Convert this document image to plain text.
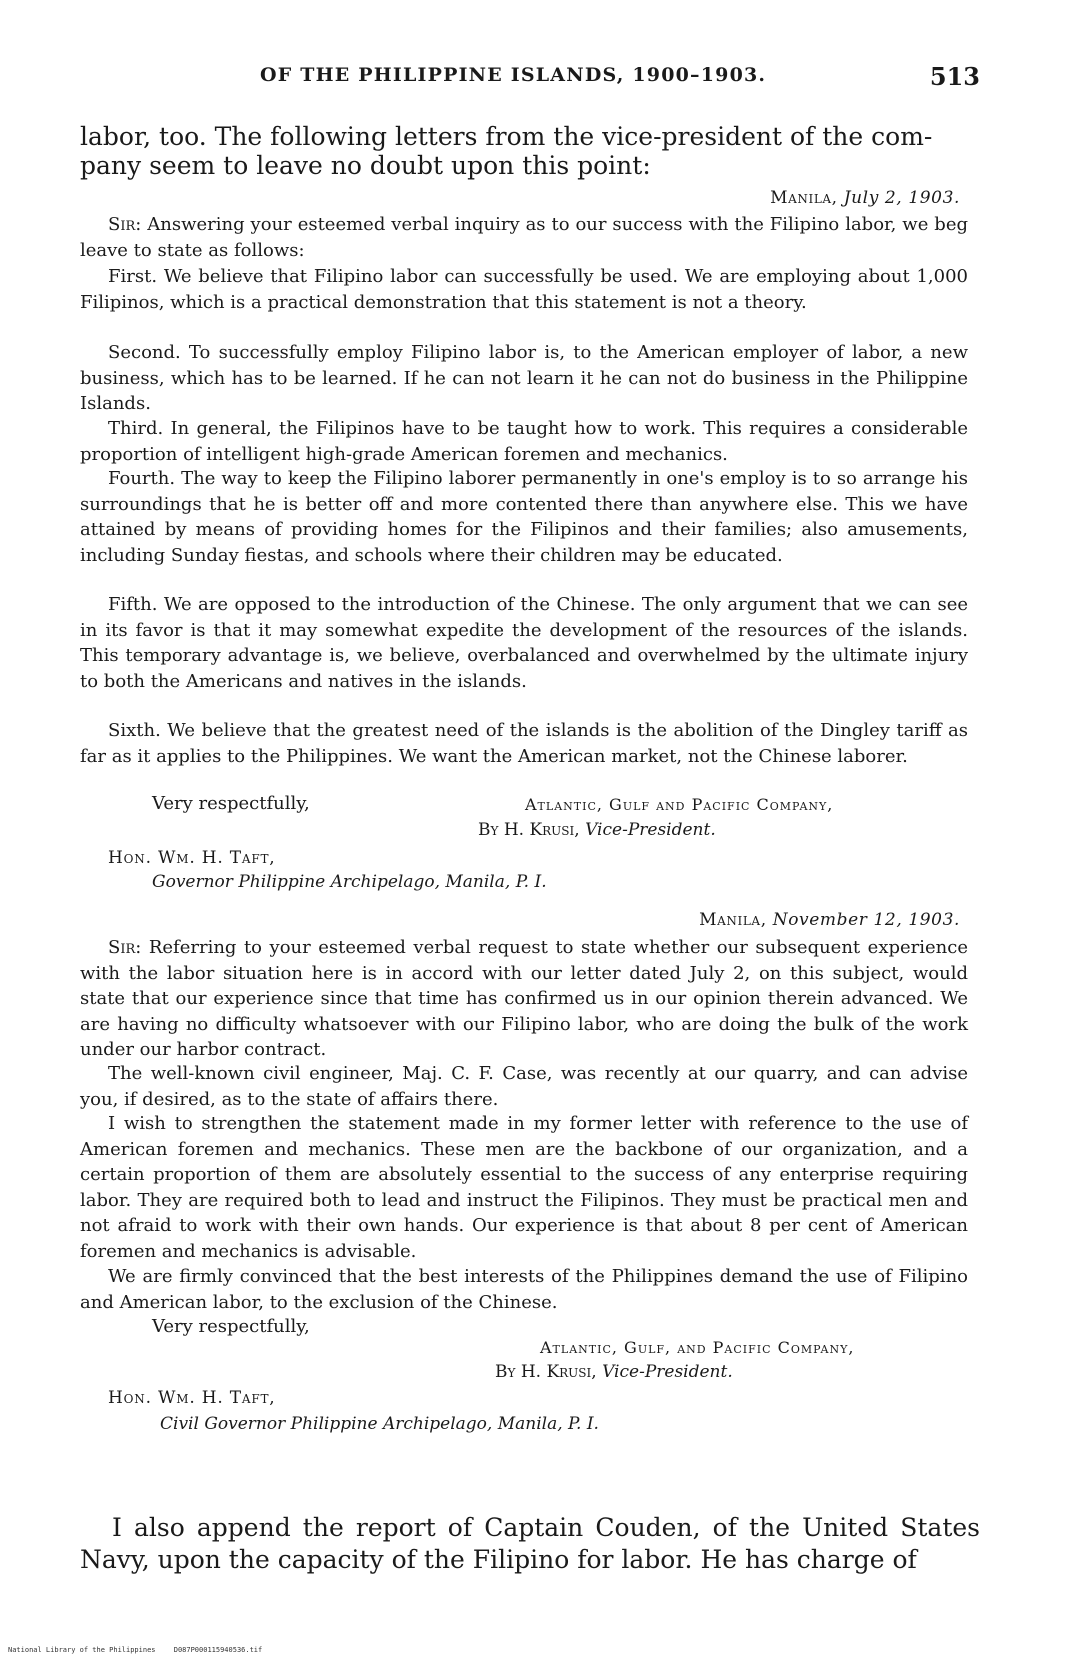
OF THE PHILIPPINE ISLANDS, 1900–1903.	513
labor, too. The following letters from the vice-president of the com-
pany seem to leave no doubt upon this point:
Manila, July 2, 1903.
Sir: Answering your esteemed verbal inquiry as to our success with the Filipino labor, we beg leave to state as follows:
First. We believe that Filipino labor can successfully be used. We are employing about 1,000 Filipinos, which is a practical demonstration that this statement is not a theory.
Second. To successfully employ Filipino labor is, to the American employer of labor, a new business, which has to be learned. If he can not learn it he can not do business in the Philippine Islands.
Third. In general, the Filipinos have to be taught how to work. This requires a considerable proportion of intelligent high-grade American foremen and mechanics.
Fourth. The way to keep the Filipino laborer permanently in one's employ is to so arrange his surroundings that he is better off and more contented there than anywhere else. This we have attained by means of providing homes for the Filipinos and their families; also amusements, including Sunday fiestas, and schools where their children may be educated.
Fifth. We are opposed to the introduction of the Chinese. The only argument that we can see in its favor is that it may somewhat expedite the development of the resources of the islands. This temporary advantage is, we believe, overbalanced and overwhelmed by the ultimate injury to both the Americans and natives in the islands.
Sixth. We believe that the greatest need of the islands is the abolition of the Dingley tariff as far as it applies to the Philippines. We want the American market, not the Chinese laborer.
Very respectfully,	Atlantic, Gulf and Pacific Company,
By H. Krusi, Vice-President.
Hon. Wm. H. Taft,
Governor Philippine Archipelago, Manila, P. I.
Manila, November 12, 1903.
Sir: Referring to your esteemed verbal request to state whether our subsequent experience with the labor situation here is in accord with our letter dated July 2, on this subject, would state that our experience since that time has confirmed us in our opinion therein advanced. We are having no difficulty whatsoever with our Filipino labor, who are doing the bulk of the work under our harbor contract.
The well-known civil engineer, Maj. C. F. Case, was recently at our quarry, and can advise you, if desired, as to the state of affairs there.
I wish to strengthen the statement made in my former letter with reference to the use of American foremen and mechanics. These men are the backbone of our organization, and a certain proportion of them are absolutely essential to the success of any enterprise requiring labor. They are required both to lead and instruct the Filipinos. They must be practical men and not afraid to work with their own hands. Our experience is that about 8 per cent of American foremen and mechanics is advisable.
We are firmly convinced that the best interests of the Philippines demand the use of Filipino and American labor, to the exclusion of the Chinese.
Very respectfully,
Atlantic, Gulf, and Pacific Company,
By H. Krusi, Vice-President.
Hon. Wm. H. Taft,
Civil Governor Philippine Archipelago, Manila, P. I.
I also append the report of Captain Couden, of the United States Navy, upon the capacity of the Filipino for labor. He has charge of
National Library of the Philippines	D087P000115940536.tif
